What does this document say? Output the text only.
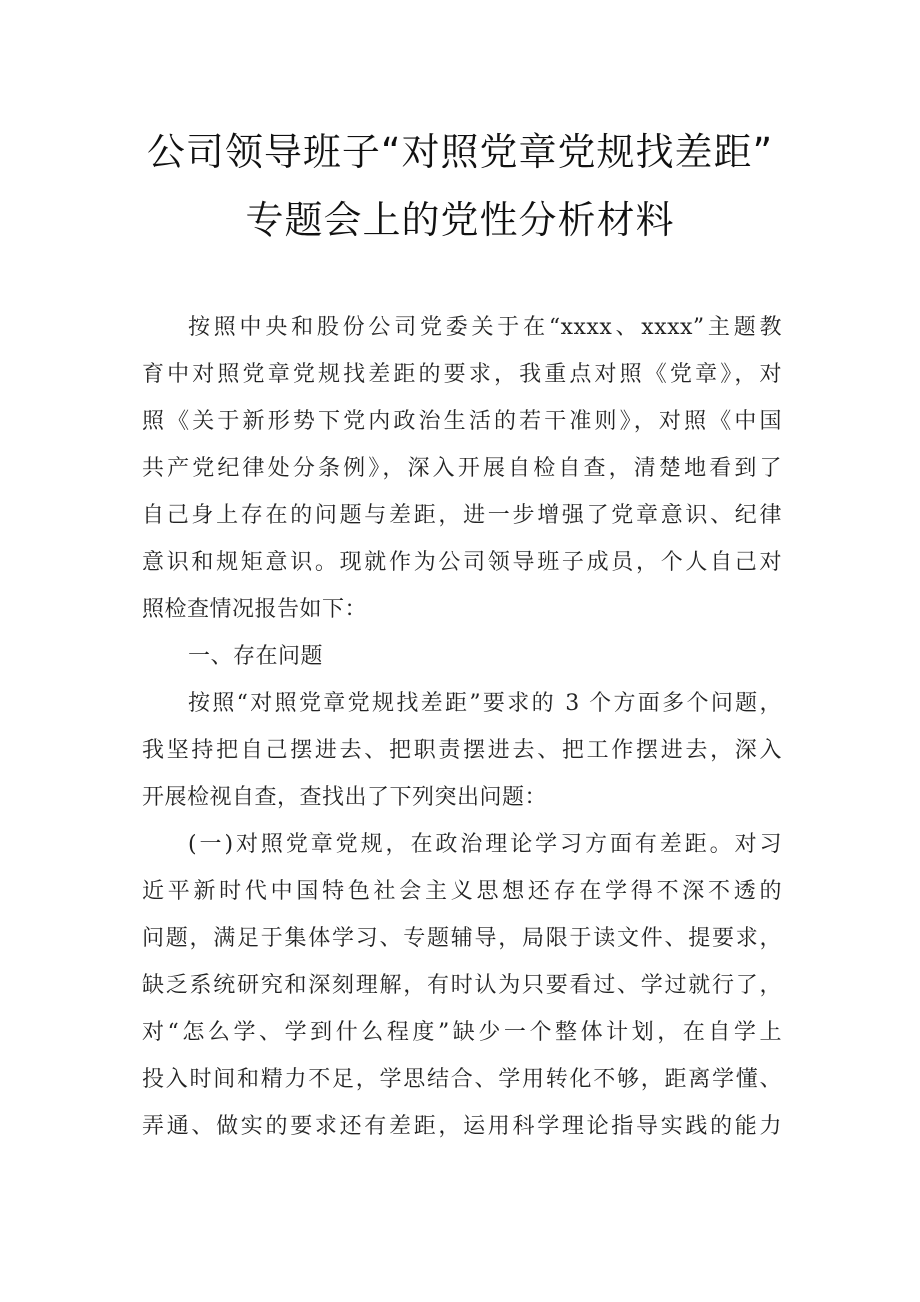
公司领导班子“对照党章党规找差距”
专题会上的党性分析材料
按照中央和股份公司党委关于在“xxxx、xxxx”主题教
育中对照党章党规找差距的要求，我重点对照《党章》，对
照《关于新形势下党内政治生活的若干准则》，对照《中国
共产党纪律处分条例》，深入开展自检自查，清楚地看到了
自己身上存在的问题与差距，进一步增强了党章意识、纪律
意识和规矩意识。现就作为公司领导班子成员，个人自己对
照检查情况报告如下：
一、存在问题
按照“对照党章党规找差距”要求的 3 个方面多个问题，
我坚持把自己摆进去、把职责摆进去、把工作摆进去，深入
开展检视自查，查找出了下列突出问题：
(一)对照党章党规，在政治理论学习方面有差距。对习
近平新时代中国特色社会主义思想还存在学得不深不透的
问题，满足于集体学习、专题辅导，局限于读文件、提要求，
缺乏系统研究和深刻理解，有时认为只要看过、学过就行了，
对“怎么学、学到什么程度”缺少一个整体计划，在自学上
投入时间和精力不足，学思结合、学用转化不够，距离学懂、
弄通、做实的要求还有差距，运用科学理论指导实践的能力
